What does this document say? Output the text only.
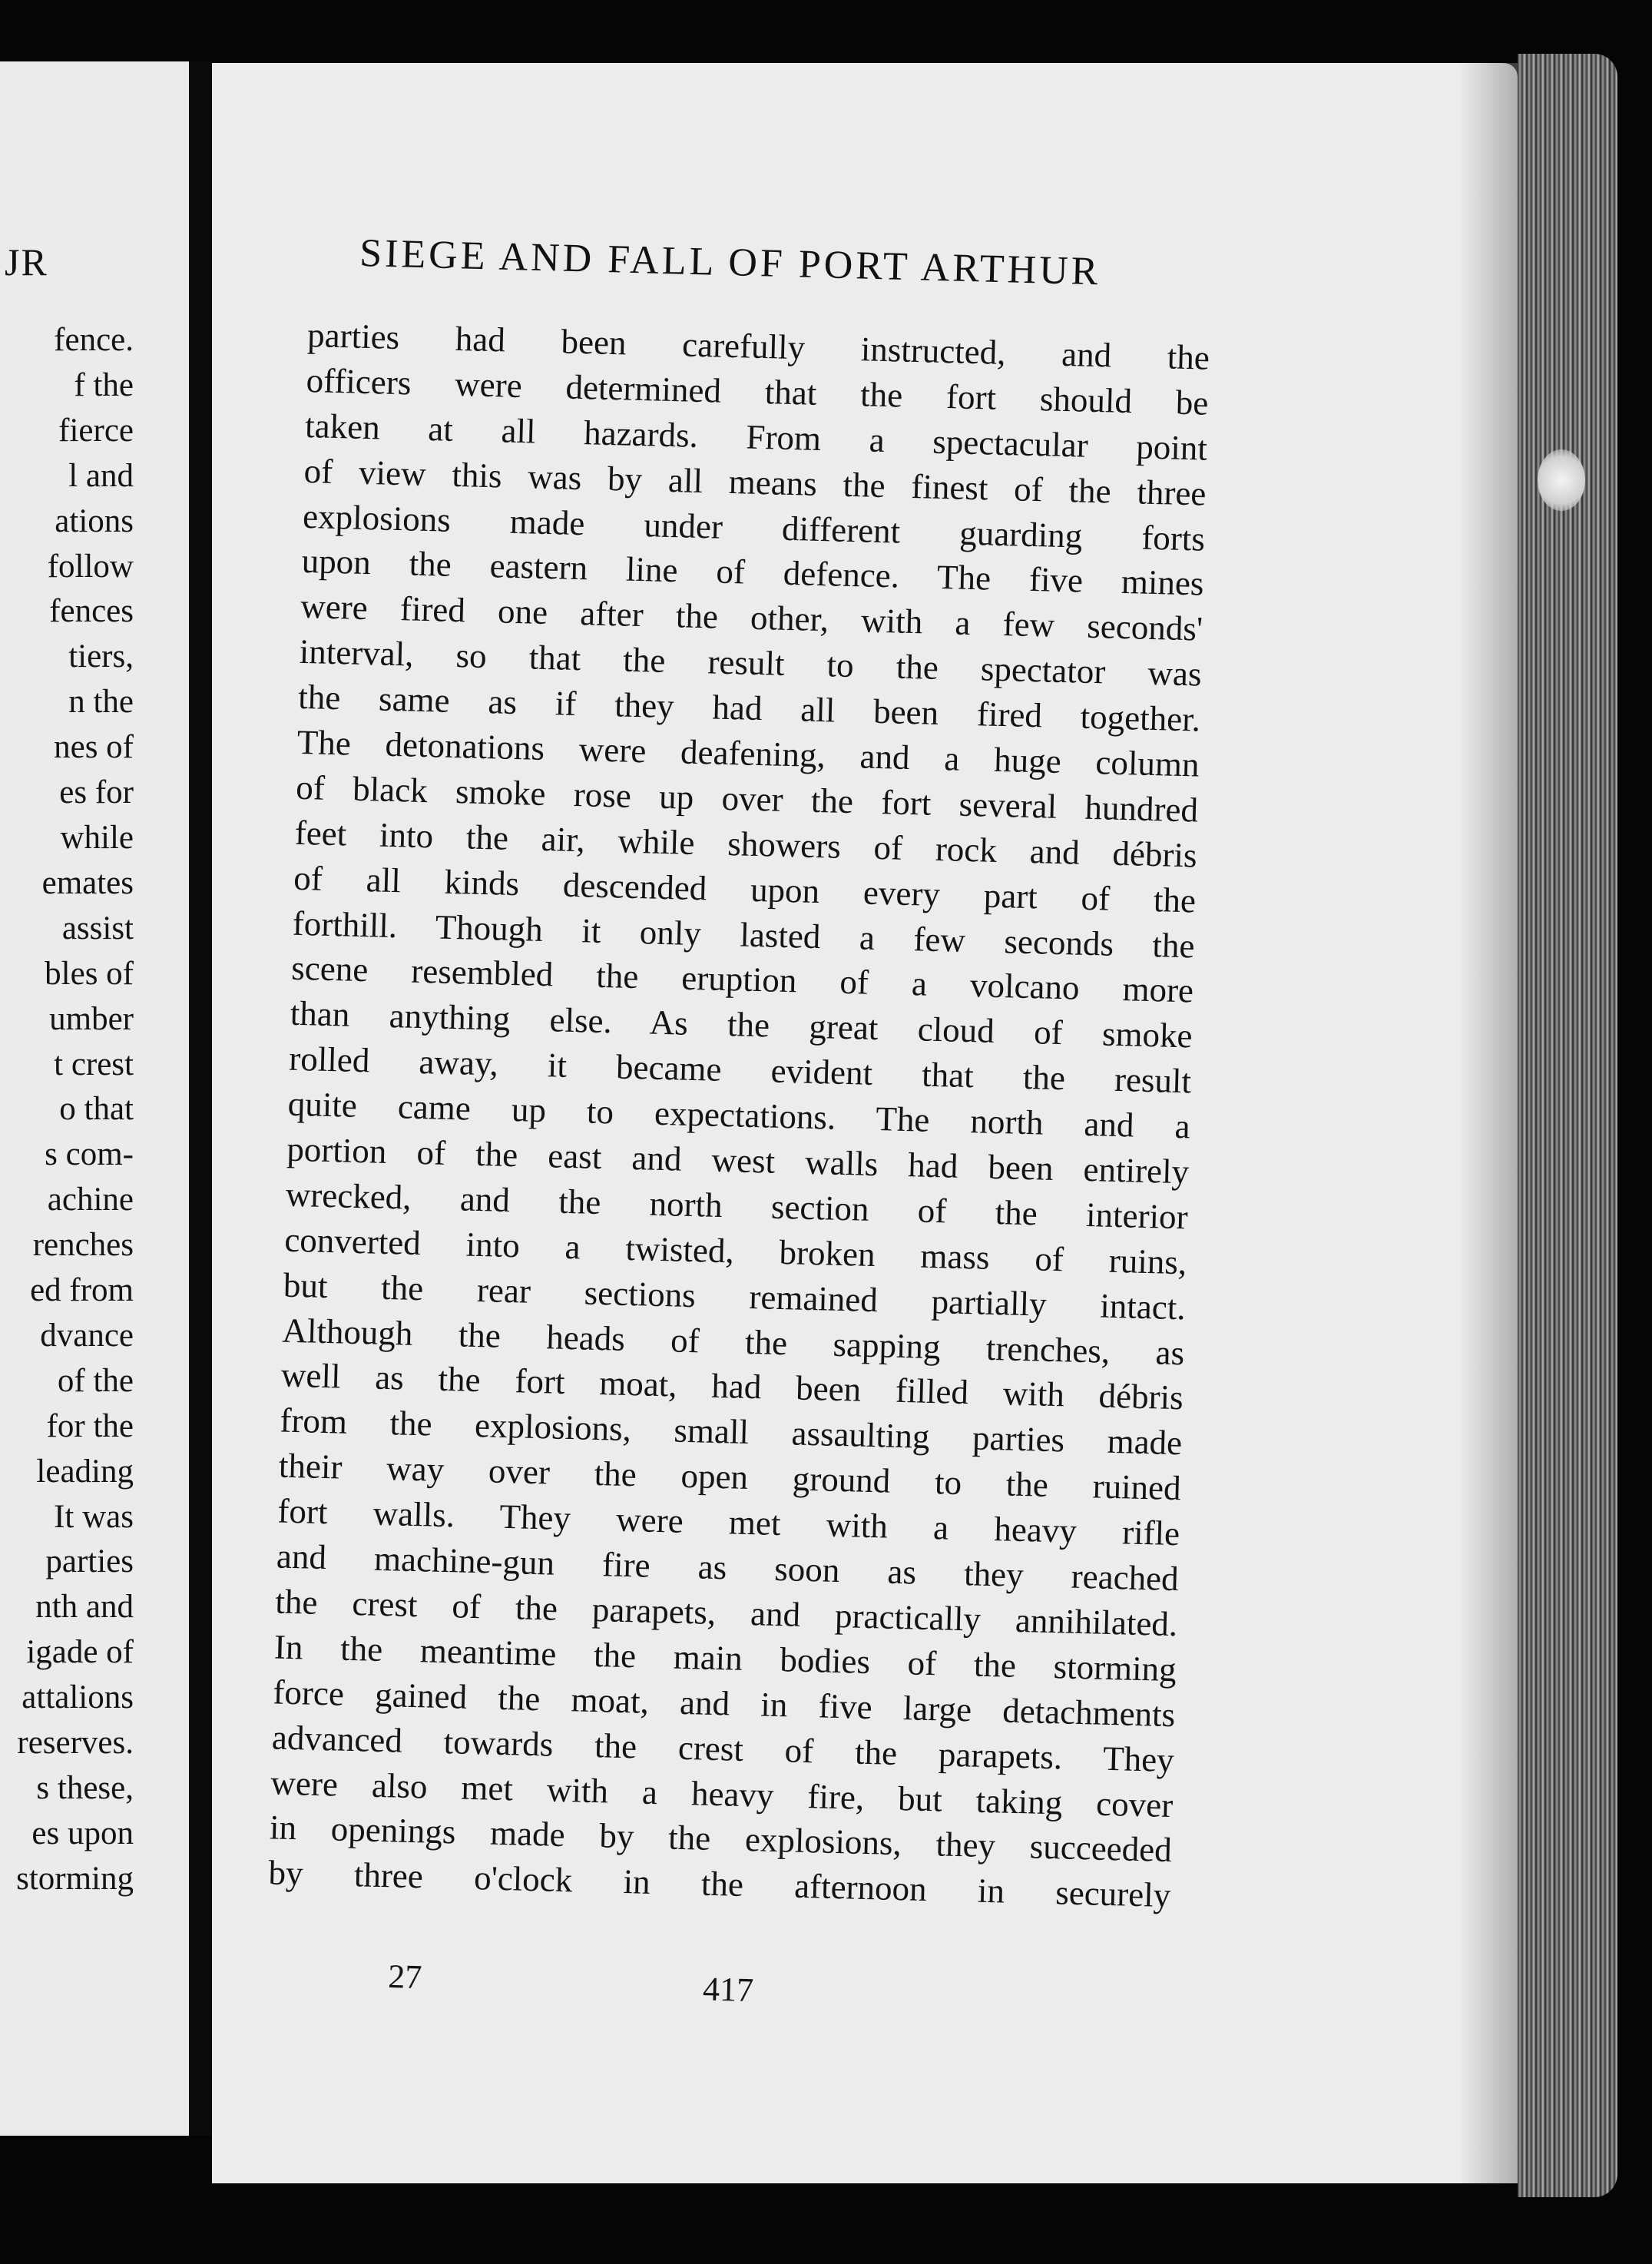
JR
fence.
f the
fierce
l and
ations
follow
fences
tiers,
n the
nes of
es for
while
emates
assist
bles of
umber
t crest
o that
s com-
achine
renches
ed from
dvance
of the
for the
leading
It was
parties
nth and
igade of
attalions
reserves.
s these,
es upon
storming
SIEGE AND FALL OF PORT ARTHUR
parties had been carefully instructed, and the
officers were determined that the fort should be
taken at all hazards. From a spectacular point
of view this was by all means the finest of the three
explosions made under different guarding forts
upon the eastern line of defence. The five mines
were fired one after the other, with a few seconds'
interval, so that the result to the spectator was
the same as if they had all been fired together.
The detonations were deafening, and a huge column
of black smoke rose up over the fort several hundred
feet into the air, while showers of rock and débris
of all kinds descended upon every part of the
forthill. Though it only lasted a few seconds the
scene resembled the eruption of a volcano more
than anything else. As the great cloud of smoke
rolled away, it became evident that the result
quite came up to expectations. The north and a
portion of the east and west walls had been entirely
wrecked, and the north section of the interior
converted into a twisted, broken mass of ruins,
but the rear sections remained partially intact.
Although the heads of the sapping trenches, as
well as the fort moat, had been filled with débris
from the explosions, small assaulting parties made
their way over the open ground to the ruined
fort walls. They were met with a heavy rifle
and machine-gun fire as soon as they reached
the crest of the parapets, and practically annihilated.
In the meantime the main bodies of the storming
force gained the moat, and in five large detachments
advanced towards the crest of the parapets. They
were also met with a heavy fire, but taking cover
in openings made by the explosions, they succeeded
by three o'clock in the afternoon in securely
27	417
